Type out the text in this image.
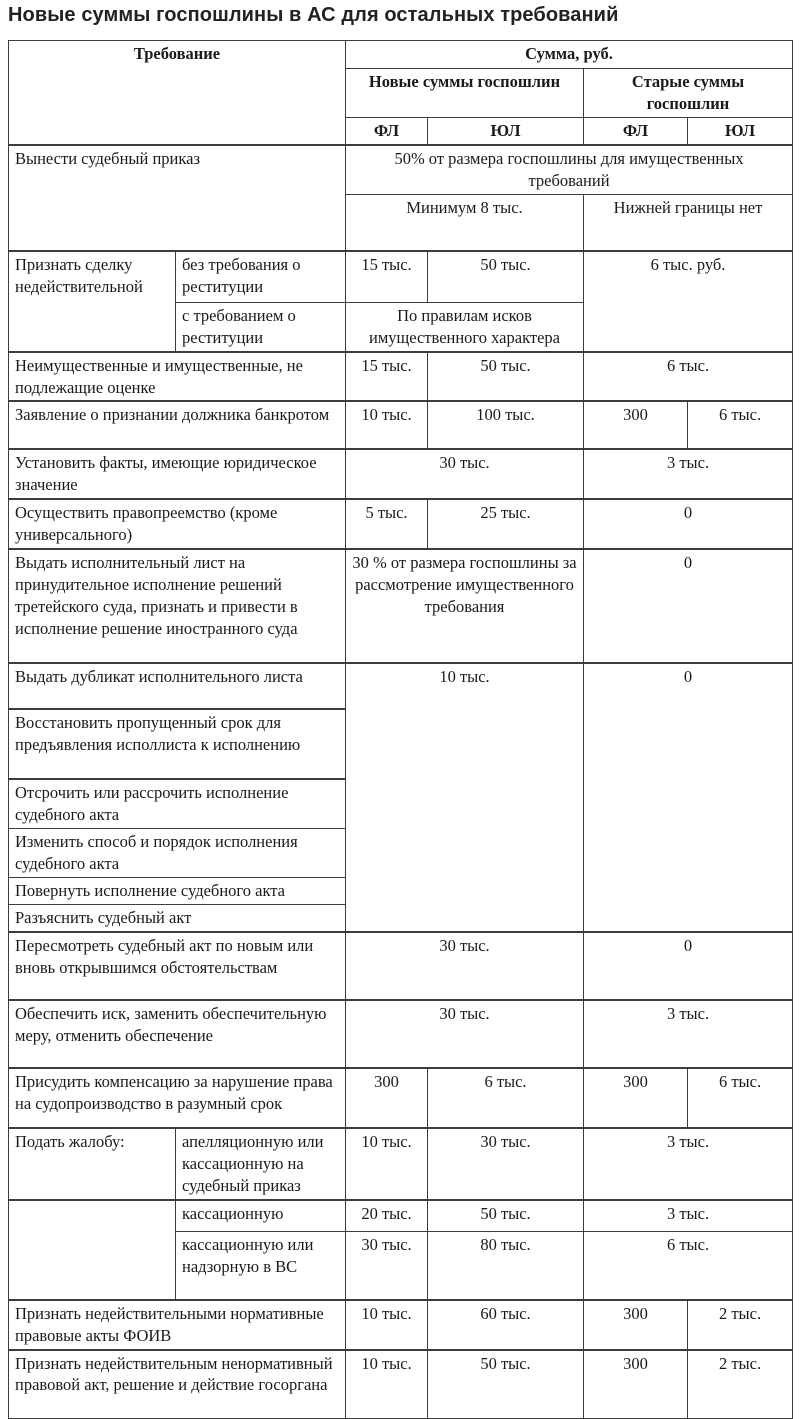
Новые суммы госпошлины в АС для остальных требований
Требование		Сумма, руб.			
		Новые суммы госпошлин		Старые суммы госпошлин	
		ФЛ	ЮЛ	ФЛ	ЮЛ
Вынести судебный приказ		50% от размера госпошлины для имущественных требований			
		Минимум 8 тыс.		Нижней границы нет	
Признать сделку недействительной	без требования о реституции	15 тыс.	50 тыс.	6 тыс. руб.	
	с требованием о реституции	По правилам исков имущественного характера			
Неимущественные и имущественные, не подлежащие оценке		15 тыс.	50 тыс.	6 тыс.	
Заявление о признании должника банкротом		10 тыс.	100 тыс.	300	6 тыс.
Установить факты, имеющие юридическое значение		30 тыс.		3 тыс.	
Осуществить правопреемство (кроме универсального)		5 тыс.	25 тыс.	0	
Выдать исполнительный лист на принудительное исполнение решений третейского суда, признать и привести в исполнение решение иностранного суда		30 % от размера госпошлины за рассмотрение имущественного требования		0	
Выдать дубликат исполнительного листа		10 тыс.		0	
Восстановить пропущенный срок для предъявления исполлиста к исполнению					
Отсрочить или рассрочить исполнение судебного акта					
Изменить способ и порядок исполнения судебного акта					
Повернуть исполнение судебного акта					
Разъяснить судебный акт					
Пересмотреть судебный акт по новым или вновь открывшимся обстоятельствам		30 тыс.		0	
Обеспечить иск, заменить обеспечительную меру, отменить обеспечение		30 тыс.		3 тыс.	
Присудить компенсацию за нарушение права на судопроизводство в разумный срок		300	6 тыс.	300	6 тыс.
Подать жалобу:	апелляционную или кассационную на судебный приказ	10 тыс.	30 тыс.	3 тыс.	
	кассационную	20 тыс.	50 тыс.	3 тыс.	
	кассационную или надзорную в ВС	30 тыс.	80 тыс.	6 тыс.	
Признать недействительными нормативные правовые акты ФОИВ		10 тыс.	60 тыс.	300	2 тыс.
Признать недействительным ненормативный правовой акт, решение и действие госоргана		10 тыс.	50 тыс.	300	2 тыс.
